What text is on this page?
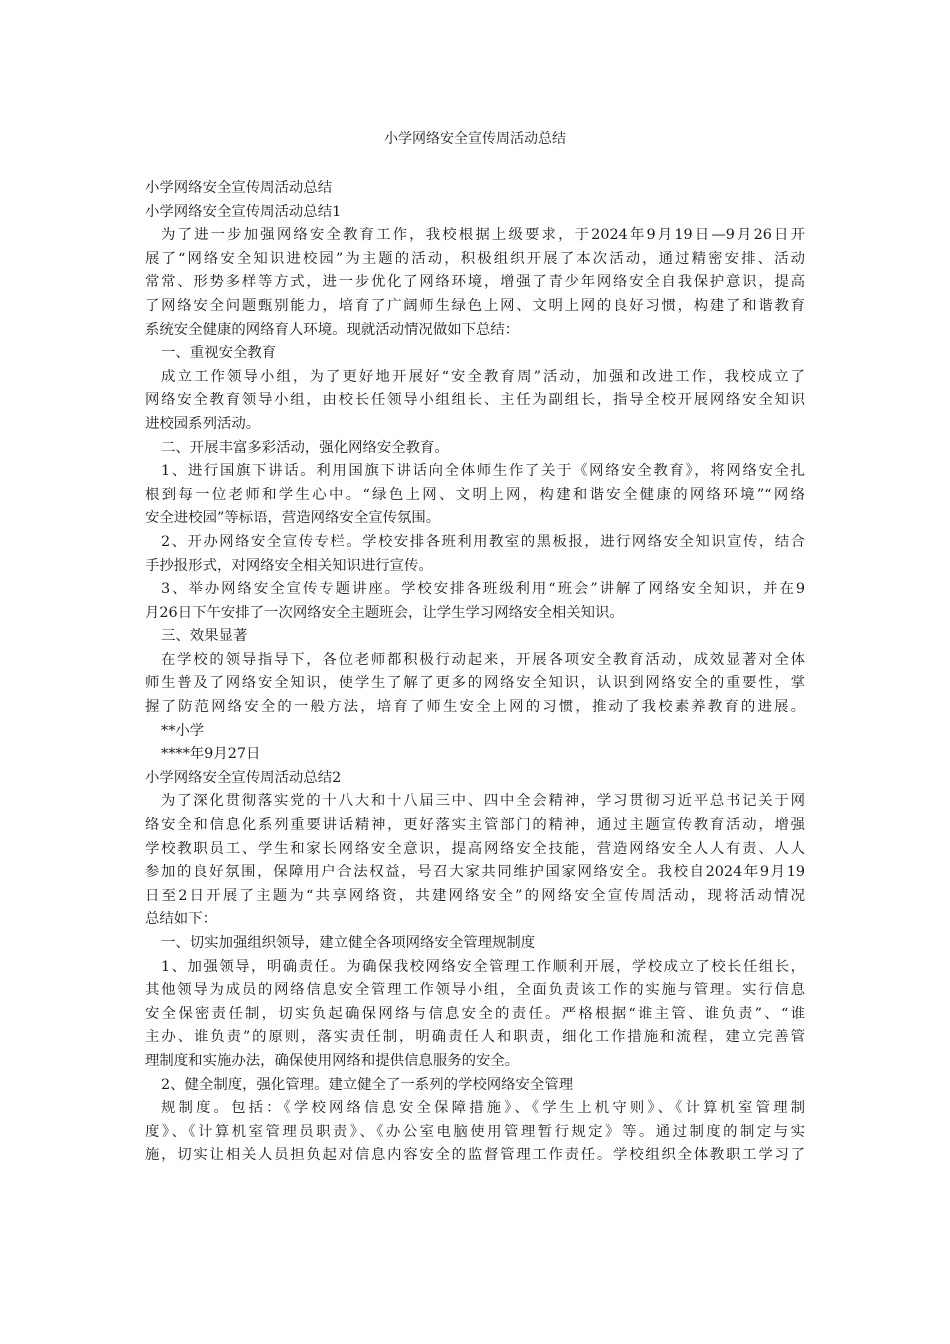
小学网络安全宣传周活动总结
小学网络安全宣传周活动总结
小学网络安全宣传周活动总结1
为了进一步加强网络安全教育工作，我校根据上级要求，于2024年9月19日—9月26日开
展了“网络安全知识进校园”为主题的活动，积极组织开展了本次活动，通过精密安排、活动
常常、形势多样等方式，进一步优化了网络环境，增强了青少年网络安全自我保护意识，提高
了网络安全问题甄别能力，培育了广阔师生绿色上网、文明上网的良好习惯，构建了和谐教育
系统安全健康的网络育人环境。现就活动情况做如下总结：
一、重视安全教育
成立工作领导小组，为了更好地开展好“安全教育周”活动，加强和改进工作，我校成立了
网络安全教育领导小组，由校长任领导小组组长、主任为副组长，指导全校开展网络安全知识
进校园系列活动。
二、开展丰富多彩活动，强化网络安全教育。
1、进行国旗下讲话。利用国旗下讲话向全体师生作了关于《网络安全教育》，将网络安全扎
根到每一位老师和学生心中。“绿色上网、文明上网，构建和谐安全健康的网络环境”“网络
安全进校园”等标语，营造网络安全宣传氛围。
2、开办网络安全宣传专栏。学校安排各班利用教室的黑板报，进行网络安全知识宣传，结合
手抄报形式，对网络安全相关知识进行宣传。
3、举办网络安全宣传专题讲座。学校安排各班级利用“班会”讲解了网络安全知识，并在9
月26日下午安排了一次网络安全主题班会，让学生学习网络安全相关知识。
三、效果显著
在学校的领导指导下，各位老师都积极行动起来，开展各项安全教育活动，成效显著对全体
师生普及了网络安全知识，使学生了解了更多的网络安全知识，认识到网络安全的重要性，掌
握了防范网络安全的一般方法，培育了师生安全上网的习惯，推动了我校素养教育的进展。
**小学
****年9月27日
小学网络安全宣传周活动总结2
为了深化贯彻落实党的十八大和十八届三中、四中全会精神，学习贯彻习近平总书记关于网
络安全和信息化系列重要讲话精神，更好落实主管部门的精神，通过主题宣传教育活动，增强
学校教职员工、学生和家长网络安全意识，提高网络安全技能，营造网络安全人人有责、人人
参加的良好氛围，保障用户合法权益，号召大家共同维护国家网络安全。我校自2024年9月19
日至2日开展了主题为“共享网络资，共建网络安全”的网络安全宣传周活动，现将活动情况
总结如下：
一、切实加强组织领导，建立健全各项网络安全管理规制度
1、加强领导，明确责任。为确保我校网络安全管理工作顺利开展，学校成立了校长任组长，
其他领导为成员的网络信息安全管理工作领导小组，全面负责该工作的实施与管理。实行信息
安全保密责任制，切实负起确保网络与信息安全的责任。严格根据“谁主管、谁负责”、“谁
主办、谁负责”的原则，落实责任制，明确责任人和职责，细化工作措施和流程，建立完善管
理制度和实施办法，确保使用网络和提供信息服务的安全。
2、健全制度，强化管理。建立健全了一系列的学校网络安全管理
规制度。包括：《学校网络信息安全保障措施》、《学生上机守则》、《计算机室管理制
度》、《计算机室管理员职责》、《办公室电脑使用管理暂行规定》等。通过制度的制定与实
施，切实让相关人员担负起对信息内容安全的监督管理工作责任。学校组织全体教职工学习了
